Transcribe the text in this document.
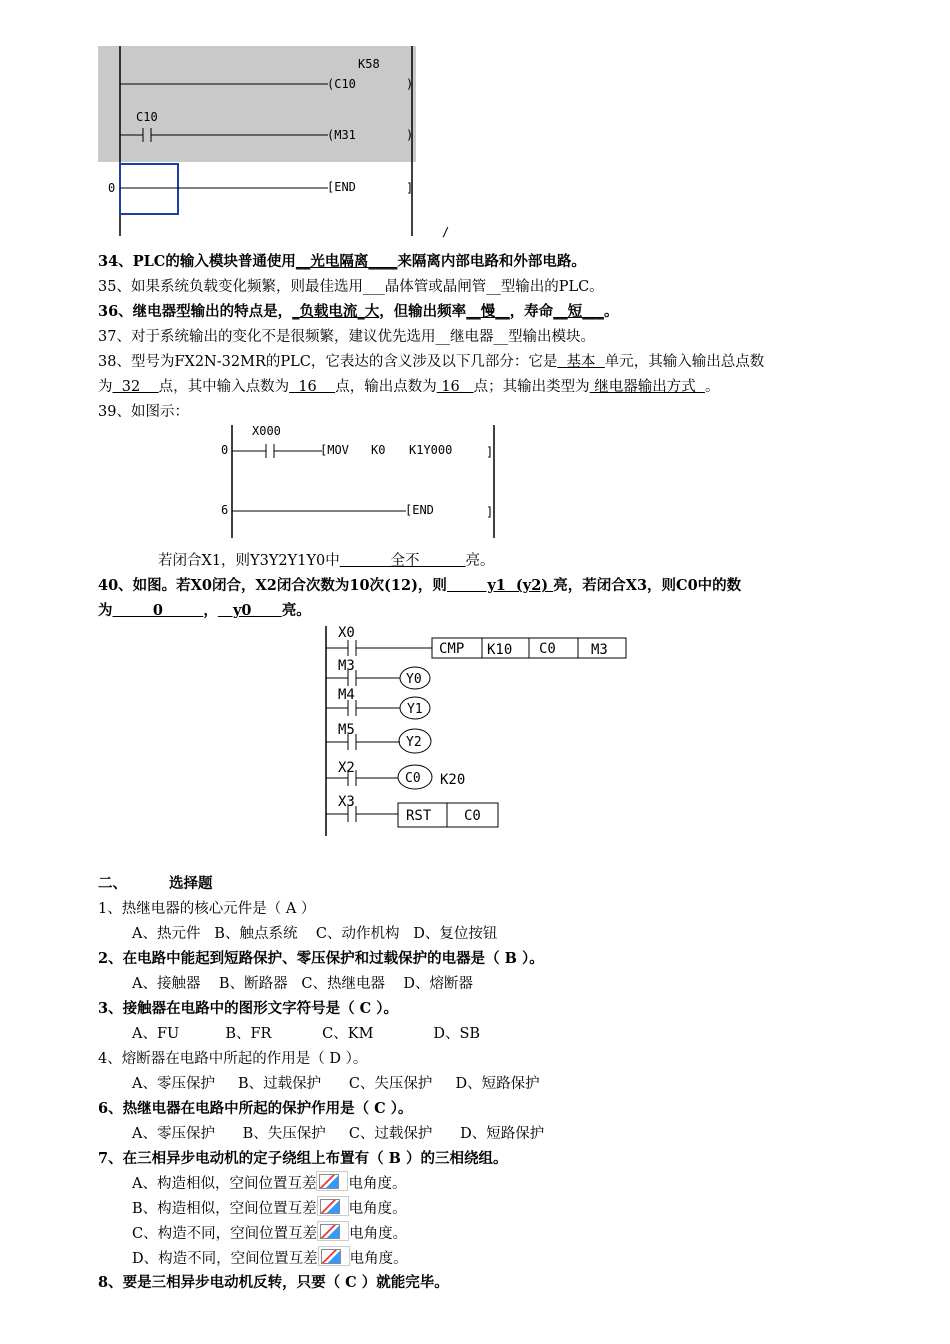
K58
(C10	)
C10
(M31	)
0	[END	]
/
34、PLC的输入模块普通使用__光电隔离____来隔离内部电路和外部电路。
35、如果系统负载变化频繁，则最佳选用___晶体管或晶闸管__型输出的PLC。
36、继电器型输出的特点是，_负载电流_大，但输出频率__慢__，寿命__短___。
37、对于系统输出的变化不是很频繁，建议优先选用__继电器__型输出模块。
38、型号为FX2N-32MR的PLC，它表达的含义涉及以下几部分：它是  基本  单元，其输入输出总点数
为  32    点，其中输入点数为  16    点，输出点数为 16   点；其输出类型为 继电器输出方式  。
39、如图示：
X000
0	[MOV K0 K1Y000	]
6	[END	]
若闭合X1，则Y3Y2Y1Y0中           全不          亮。
40、如图。若X0闭合，X2闭合次数为10次(12)，则        y1  (y2) 亮，若闭合X3，则C0中的数
为        0        ，   y0      亮。
X0
CMP K10 C0	M3
M3
Y0
M4
Y1
M5
Y2
X2
C0 K20
X3
RST C0
二、	选择题
1、热继电器的核心元件是（ A ）
A、热元件   B、触点系统    C、动作机构   D、复位按钮
2、在电路中能起到短路保护、零压保护和过载保护的电器是（ B ）。
A、接触器    B、断路器   C、热继电器    D、熔断器
3、接触器在电路中的图形文字符号是（ C ）。
A、FU          B、FR           C、KM             D、SB
4、熔断器在电路中所起的作用是（ D ）。
A、零压保护     B、过载保护      C、失压保护     D、短路保护
6、热继电器在电路中所起的保护作用是（ C ）。
A、零压保护      B、失压保护     C、过载保护      D、短路保护
7、在三相异步电动机的定子绕组上布置有（ B ）的三相绕组。
A、构造相似，空间位置互差 电角度。
B、构造相似，空间位置互差 电角度。
C、构造不同，空间位置互差 电角度。
D、构造不同，空间位置互差 电角度。
8、要是三相异步电动机反转，只要（ C ）就能完毕。
